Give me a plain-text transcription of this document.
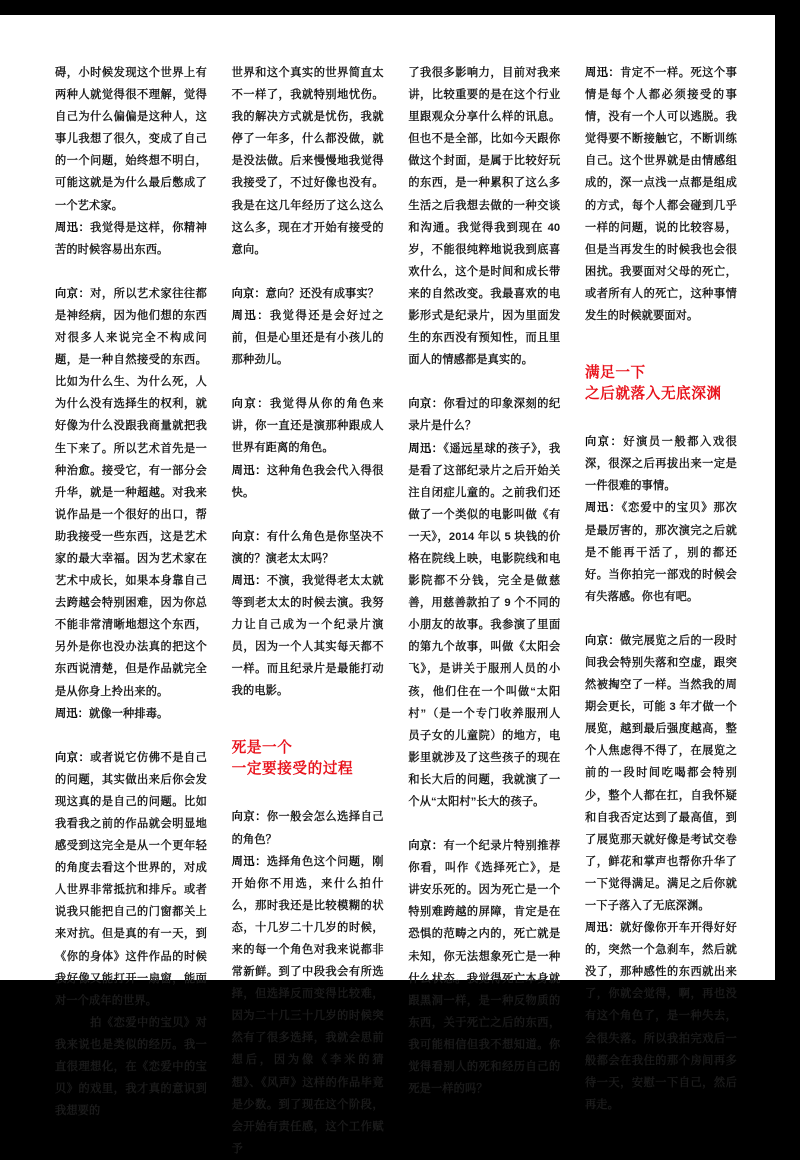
碍，小时候发现这个世界上有两种人就觉得很不理解，觉得自己为什么偏偏是这种人，这事儿我想了很久，变成了自己的一个问题，始终想不明白，可能这就是为什么最后憋成了一个艺术家。

周迅：我觉得是这样，你精神苦的时候容易出东西。

向京：对，所以艺术家往往都是神经病，因为他们想的东西对很多人来说完全不构成问题，是一种自然接受的东西。比如为什么生、为什么死，人为什么没有选择生的权利，就好像为什么没跟我商量就把我生下来了。所以艺术首先是一种治愈。接受它，有一部分会升华，就是一种超越。对我来说作品是一个很好的出口，帮助我接受一些东西，这是艺术家的最大幸福。因为艺术家在艺术中成长，如果本身靠自己去跨越会特别困难，因为你总不能非常清晰地想这个东西，另外是你也没办法真的把这个东西说清楚，但是作品就完全是从你身上拎出来的。

周迅：就像一种排毒。

向京：或者说它仿佛不是自己的问题，其实做出来后你会发现这真的是自己的问题。比如我看我之前的作品就会明显地感受到这完全是从一个更年轻的角度去看这个世界的，对成人世界非常抵抗和排斥。或者说我只能把自己的门窗都关上来对抗。但是真的有一天，到《你的身体》这件作品的时候我好像又能打开一扇窗，能面对一个成年的世界。

周迅：拍《恋爱中的宝贝》对我来说也是类似的经历。我一直很理想化，在《恋爱中的宝贝》的戏里，我才真的意识到我想要的

世界和这个真实的世界简直太不一样了，我就特别地忧伤。我的解决方式就是忧伤，我就停了一年多，什么都没做，就是没法做。后来慢慢地我觉得我接受了，不过好像也没有。我是在这几年经历了这么这么这么多，现在才开始有接受的意向。

向京：意向？还没有成事实？

周迅：我觉得还是会好过之前，但是心里还是有小孩儿的那种劲儿。

向京：我觉得从你的角色来讲，你一直还是演那种跟成人世界有距离的角色。

周迅：这种角色我会代入得很快。

向京：有什么角色是你坚决不演的？演老太太吗？

周迅：不演，我觉得老太太就等到老太太的时候去演。我努力让自己成为一个纪录片演员，因为一个人其实每天都不一样。而且纪录片是最能打动我的电影。

死是一个
一定要接受的过程

向京：你一般会怎么选择自己的角色？

周迅：选择角色这个问题，刚开始你不用选，来什么拍什么，那时我还是比较模糊的状态，十几岁二十几岁的时候，来的每一个角色对我来说都非常新鲜。到了中段我会有所选择，但选择反而变得比较难，因为二十几三十几岁的时候突然有了很多选择，我就会思前想后，因为像《李米的猜想》、《风声》这样的作品毕竟是少数。到了现在这个阶段，会开始有责任感，这个工作赋予

了我很多影响力，目前对我来讲，比较重要的是在这个行业里跟观众分享什么样的讯息。但也不是全部，比如今天跟你做这个封面，是属于比较好玩的东西，是一种累积了这么多生活之后我想去做的一种交谈和沟通。我觉得我到现在 40 岁，不能很纯粹地说我到底喜欢什么，这个是时间和成长带来的自然改变。我最喜欢的电影形式是纪录片，因为里面发生的东西没有预知性，而且里面人的情感都是真实的。

向京：你看过的印象深刻的纪录片是什么？

周迅：《遥远星球的孩子》，我是看了这部纪录片之后开始关注自闭症儿童的。之前我们还做了一个类似的电影叫做《有一天》，2014 年以 5 块钱的价格在院线上映，电影院线和电影院都不分钱，完全是做慈善，用慈善款拍了 9 个不同的小朋友的故事。我参演了里面的第九个故事，叫做《太阳会飞》，是讲关于服刑人员的小孩，他们住在一个叫做“太阳村”（是一个专门收养服刑人员子女的儿童院）的地方，电影里就涉及了这些孩子的现在和长大后的问题，我就演了一个从“太阳村”长大的孩子。

向京：有一个纪录片特别推荐你看，叫作《选择死亡》，是讲安乐死的。因为死亡是一个特别难跨越的屏障，肯定是在恐惧的范畴之内的，死亡就是未知，你无法想象死亡是一种什么状态。我觉得死亡本身就跟黑洞一样，是一种反物质的东西，关于死亡之后的东西，我可能相信但我不想知道。你觉得看别人的死和经历自己的死是一样的吗？

周迅：肯定不一样。死这个事情是每个人都必须接受的事情，没有一个人可以逃脱。我觉得要不断接触它，不断训练自己。这个世界就是由情感组成的，深一点浅一点都是组成的方式，每个人都会碰到几乎一样的问题，说的比较容易，但是当再发生的时候我也会很困扰。我要面对父母的死亡，或者所有人的死亡，这种事情发生的时候就要面对。

满足一下
之后就落入无底深渊

向京：好演员一般都入戏很深，很深之后再拔出来一定是一件很难的事情。

周迅：《恋爱中的宝贝》那次是最厉害的，那次演完之后就是不能再干活了，别的都还好。当你拍完一部戏的时候会有失落感。你也有吧。

向京：做完展览之后的一段时间我会特别失落和空虚，跟突然被掏空了一样。当然我的周期会更长，可能 3 年才做一个展览，越到最后强度越高，整个人焦虑得不得了，在展览之前的一段时间吃喝都会特别少，整个人都在扛，自我怀疑和自我否定达到了最高值，到了展览那天就好像是考试交卷了，鲜花和掌声也帮你升华了一下觉得满足。满足之后你就一下子落入了无底深渊。

周迅：就好像你开车开得好好的，突然一个急刹车，然后就没了，那种感性的东西就出来了，你就会觉得，啊，再也没有这个角色了，是一种失去，会很失落。所以我拍完戏后一般都会在我住的那个房间再多待一天，安慰一下自己，然后再走。
